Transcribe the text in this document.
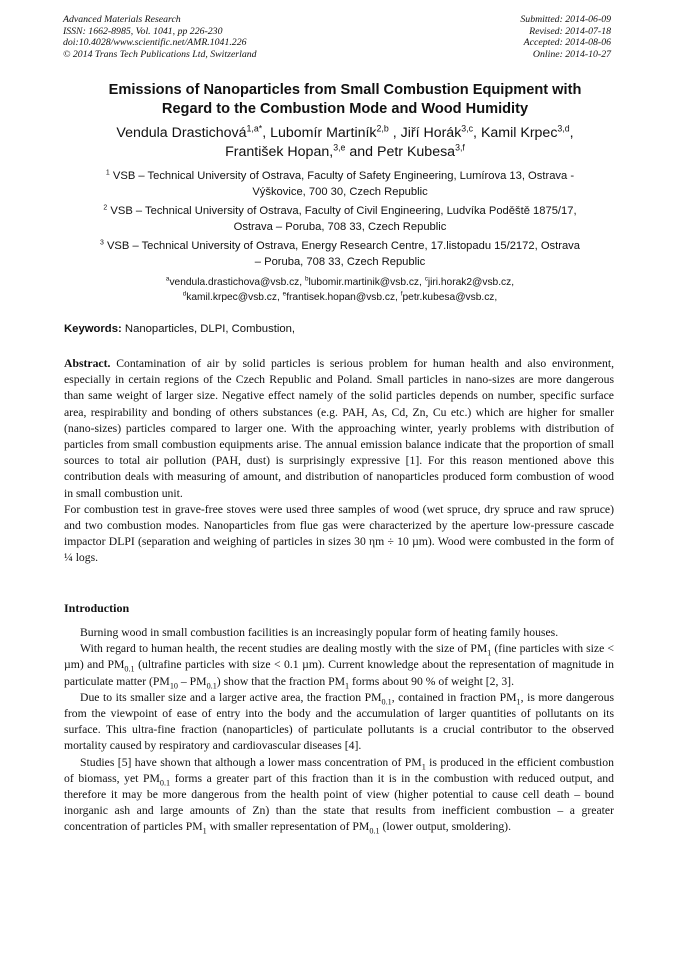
Advanced Materials Research
ISSN: 1662-8985, Vol. 1041, pp 226-230
doi:10.4028/www.scientific.net/AMR.1041.226
© 2014 Trans Tech Publications Ltd, Switzerland
Submitted: 2014-06-09
Revised: 2014-07-18
Accepted: 2014-08-06
Online: 2014-10-27
Emissions of Nanoparticles from Small Combustion Equipment with
Regard to the Combustion Mode and Wood Humidity
Vendula Drastichová$^{1,a*}$, Lubomír Martiník$^{2,b}$ , Jiří Horák$^{3,c}$, Kamil Krpec$^{3,d}$,
František Hopan,$^{3,e}$ and Petr Kubesa$^{3,f}$
$^1$ VSB – Technical University of Ostrava, Faculty of Safety Engineering, Lumírova 13, Ostrava -
Výškovice, 700 30, Czech Republic
$^2$ VSB – Technical University of Ostrava, Faculty of Civil Engineering, Ludvíka Poděště 1875/17,
Ostrava – Poruba, 708 33, Czech Republic
$^3$ VSB – Technical University of Ostrava, Energy Research Centre, 17.listopadu 15/2172, Ostrava
– Poruba, 708 33, Czech Republic
$^a$vendula.drastichova@vsb.cz, $^b$lubomir.martinik@vsb.cz, $^c$jiri.horak2@vsb.cz,
$^d$kamil.krpec@vsb.cz, $^e$frantisek.hopan@vsb.cz, $^f$petr.kubesa@vsb.cz,
Keywords: Nanoparticles, DLPI, Combustion,

Abstract. Contamination of air by solid particles is serious problem for human health and also environment, especially in certain regions of the Czech Republic and Poland. Small particles in nano-sizes are more dangerous than same weight of larger size. Negative effect namely of the solid particles depends on number, specific surface area, respirability and bonding of others substances (e.g. PAH, As, Cd, Zn, Cu etc.) which are higher for smaller (nano-sizes) particles compared to larger one. With the approaching winter, yearly problems with distribution of particles from small combustion equipments arise. The annual emission balance indicate that the proportion of small sources to total air pollution (PAH, dust) is surprisingly expressive [1]. For this reason mentioned above this contribution deals with measuring of amount, and distribution of nanoparticles produced form combustion of wood in small combustion unit.

For combustion test in grave-free stoves were used three samples of wood (wet spruce, dry spruce and raw spruce) and two combustion modes. Nanoparticles from flue gas were characterized by the aperture low-pressure cascade impactor DLPI (separation and weighing of particles in sizes 30 ηm ÷ 10 µm). Wood were combusted in the form of ¼ logs.

Introduction

Burning wood in small combustion facilities is an increasingly popular form of heating family houses.

With regard to human health, the recent studies are dealing mostly with the size of $PM_1$ (fine particles with size < µm) and $PM_{0.1}$ (ultrafine particles with size < 0.1 µm). Current knowledge about the representation of magnitude in particulate matter $(PM_{10} - PM_{0.1})$ show that the fraction $PM_1$ forms about 90 % of weight [2, 3].

Due to its smaller size and a larger active area, the fraction $PM_{0.1}$, contained in fraction $PM_1$, is more dangerous from the viewpoint of ease of entry into the body and the accumulation of larger quantities of pollutants on its surface. This ultra-fine fraction (nanoparticles) of particulate pollutants is a crucial contributor to the observed mortality caused by respiratory and cardiovascular diseases [4].

Studies [5] have shown that although a lower mass concentration of $PM_1$ is produced in the efficient combustion of biomass, yet $PM_{0.1}$ forms a greater part of this fraction than it is in the combustion with reduced output, and therefore it may be more dangerous from the health point of view (higher potential to cause cell death – bound inorganic ash and large amounts of Zn) than the state that results from inefficient combustion – a greater concentration of particles $PM_1$ with smaller representation of $PM_{0.1}$ (lower output, smoldering).
